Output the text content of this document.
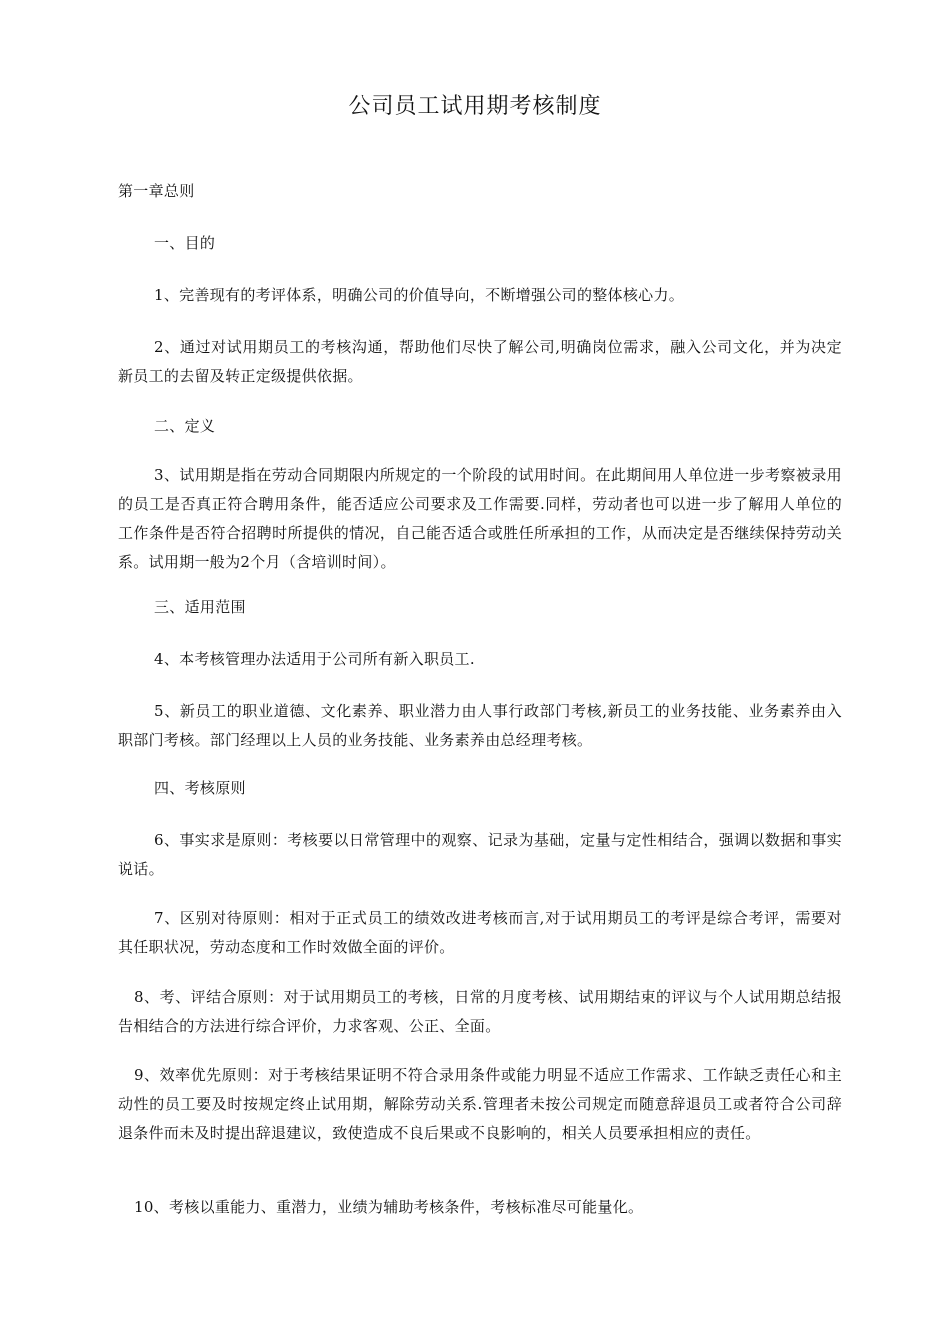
公司员工试用期考核制度

第一章总则

一、目的

1、完善现有的考评体系，明确公司的价值导向，不断增强公司的整体核心力。

2、通过对试用期员工的考核沟通，帮助他们尽快了解公司,明确岗位需求，融入公司文化，并为决定新员工的去留及转正定级提供依据。

二、定义

3、试用期是指在劳动合同期限内所规定的一个阶段的试用时间。在此期间用人单位进一步考察被录用的员工是否真正符合聘用条件，能否适应公司要求及工作需要.同样，劳动者也可以进一步了解用人单位的工作条件是否符合招聘时所提供的情况，自己能否适合或胜任所承担的工作，从而决定是否继续保持劳动关系。试用期一般为2个月（含培训时间）。

三、适用范围

4、本考核管理办法适用于公司所有新入职员工.

5、新员工的职业道德、文化素养、职业潜力由人事行政部门考核,新员工的业务技能、业务素养由入职部门考核。部门经理以上人员的业务技能、业务素养由总经理考核。

四、考核原则

6、事实求是原则：考核要以日常管理中的观察、记录为基础，定量与定性相结合，强调以数据和事实说话。

7、区别对待原则：相对于正式员工的绩效改进考核而言,对于试用期员工的考评是综合考评，需要对其任职状况，劳动态度和工作时效做全面的评价。

8、考、评结合原则：对于试用期员工的考核，日常的月度考核、试用期结束的评议与个人试用期总结报告相结合的方法进行综合评价，力求客观、公正、全面。

9、效率优先原则：对于考核结果证明不符合录用条件或能力明显不适应工作需求、工作缺乏责任心和主动性的员工要及时按规定终止试用期，解除劳动关系.管理者未按公司规定而随意辞退员工或者符合公司辞退条件而未及时提出辞退建议，致使造成不良后果或不良影响的，相关人员要承担相应的责任。

10、考核以重能力、重潜力，业绩为辅助考核条件，考核标准尽可能量化。
